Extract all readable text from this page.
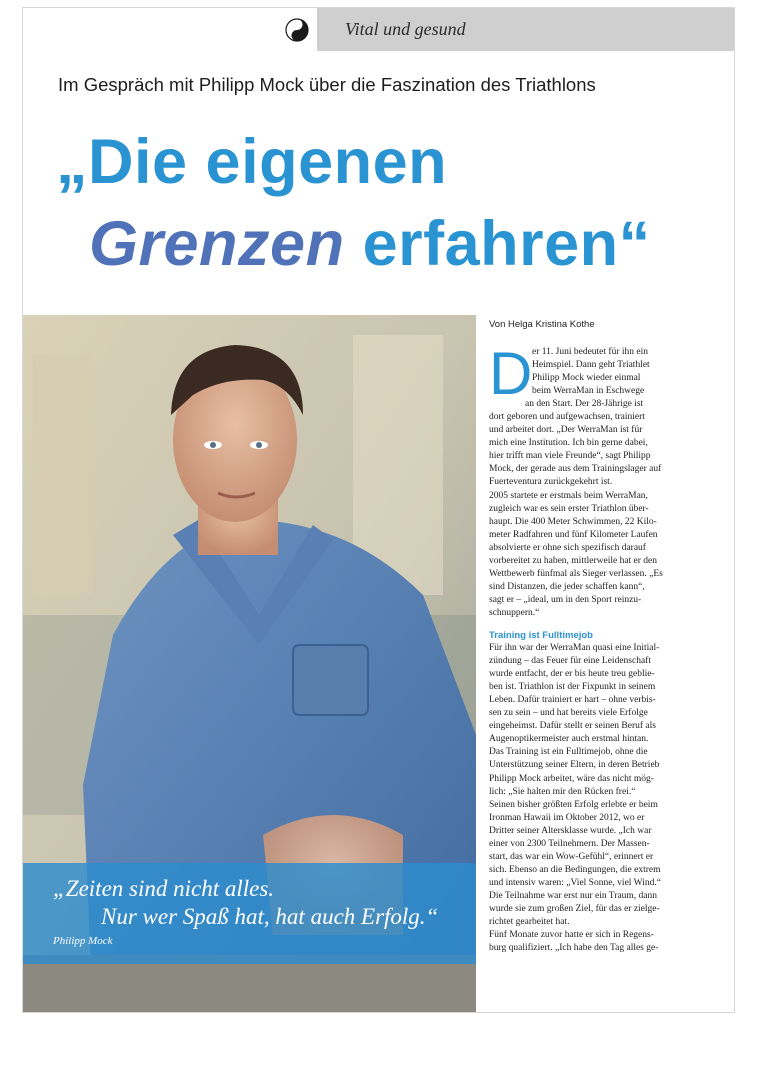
Vital und gesund
Im Gespräch mit Philipp Mock über die Faszination des Triathlons
„Die eigenen
Grenzen erfahren“
„Zeiten sind nicht alles.
Nur wer Spaß hat, hat auch Erfolg.“
Philipp Mock
Von Helga Kristina Kothe
D er 11. Juni bedeutet für ihn ein
Heimspiel. Dann geht Triathlet
Philipp Mock wieder einmal
beim WerraMan in Eschwege
an den Start. Der 28-Jährige ist
dort geboren und aufgewachsen, trainiert
und arbeitet dort. „Der WerraMan ist für
mich eine Institution. Ich bin gerne dabei,
hier trifft man viele Freunde“, sagt Philipp
Mock, der gerade aus dem Trainingslager auf
Fuerteventura zurückgekehrt ist.
2005 startete er erstmals beim WerraMan,
zugleich war es sein erster Triathlon über-
haupt. Die 400 Meter Schwimmen, 22 Kilo-
meter Radfahren und fünf Kilometer Laufen
absolvierte er ohne sich spezifisch darauf
vorbereitet zu haben, mittlerweile hat er den
Wettbewerb fünfmal als Sieger verlassen. „Es
sind Distanzen, die jeder schaffen kann“,
sagt er – „ideal, um in den Sport reinzu-
schnuppern.“
Training ist Fulltimejob
Für ihn war der WerraMan quasi eine Initial-
zündung – das Feuer für eine Leidenschaft
wurde entfacht, der er bis heute treu geblie-
ben ist. Triathlon ist der Fixpunkt in seinem
Leben. Dafür trainiert er hart – ohne verbis-
sen zu sein – und hat bereits viele Erfolge
eingeheimst. Dafür stellt er seinen Beruf als
Augenoptikermeister auch erstmal hintan.
Das Training ist ein Fulltimejob, ohne die
Unterstützung seiner Eltern, in deren Betrieb
Philipp Mock arbeitet, wäre das nicht mög-
lich: „Sie halten mir den Rücken frei.“
Seinen bisher größten Erfolg erlebte er beim
Ironman Hawaii im Oktober 2012, wo er
Dritter seiner Altersklasse wurde. „Ich war
einer von 2300 Teilnehmern. Der Massen-
start, das war ein Wow-Gefühl“, erinnert er
sich. Ebenso an die Bedingungen, die extrem
und intensiv waren: „Viel Sonne, viel Wind.“
Die Teilnahme war erst nur ein Traum, dann
wurde sie zum großen Ziel, für das er zielge-
richtet gearbeitet hat.
Fünf Monate zuvor hatte er sich in Regens-
burg qualifiziert. „Ich habe den Tag alles ge-
